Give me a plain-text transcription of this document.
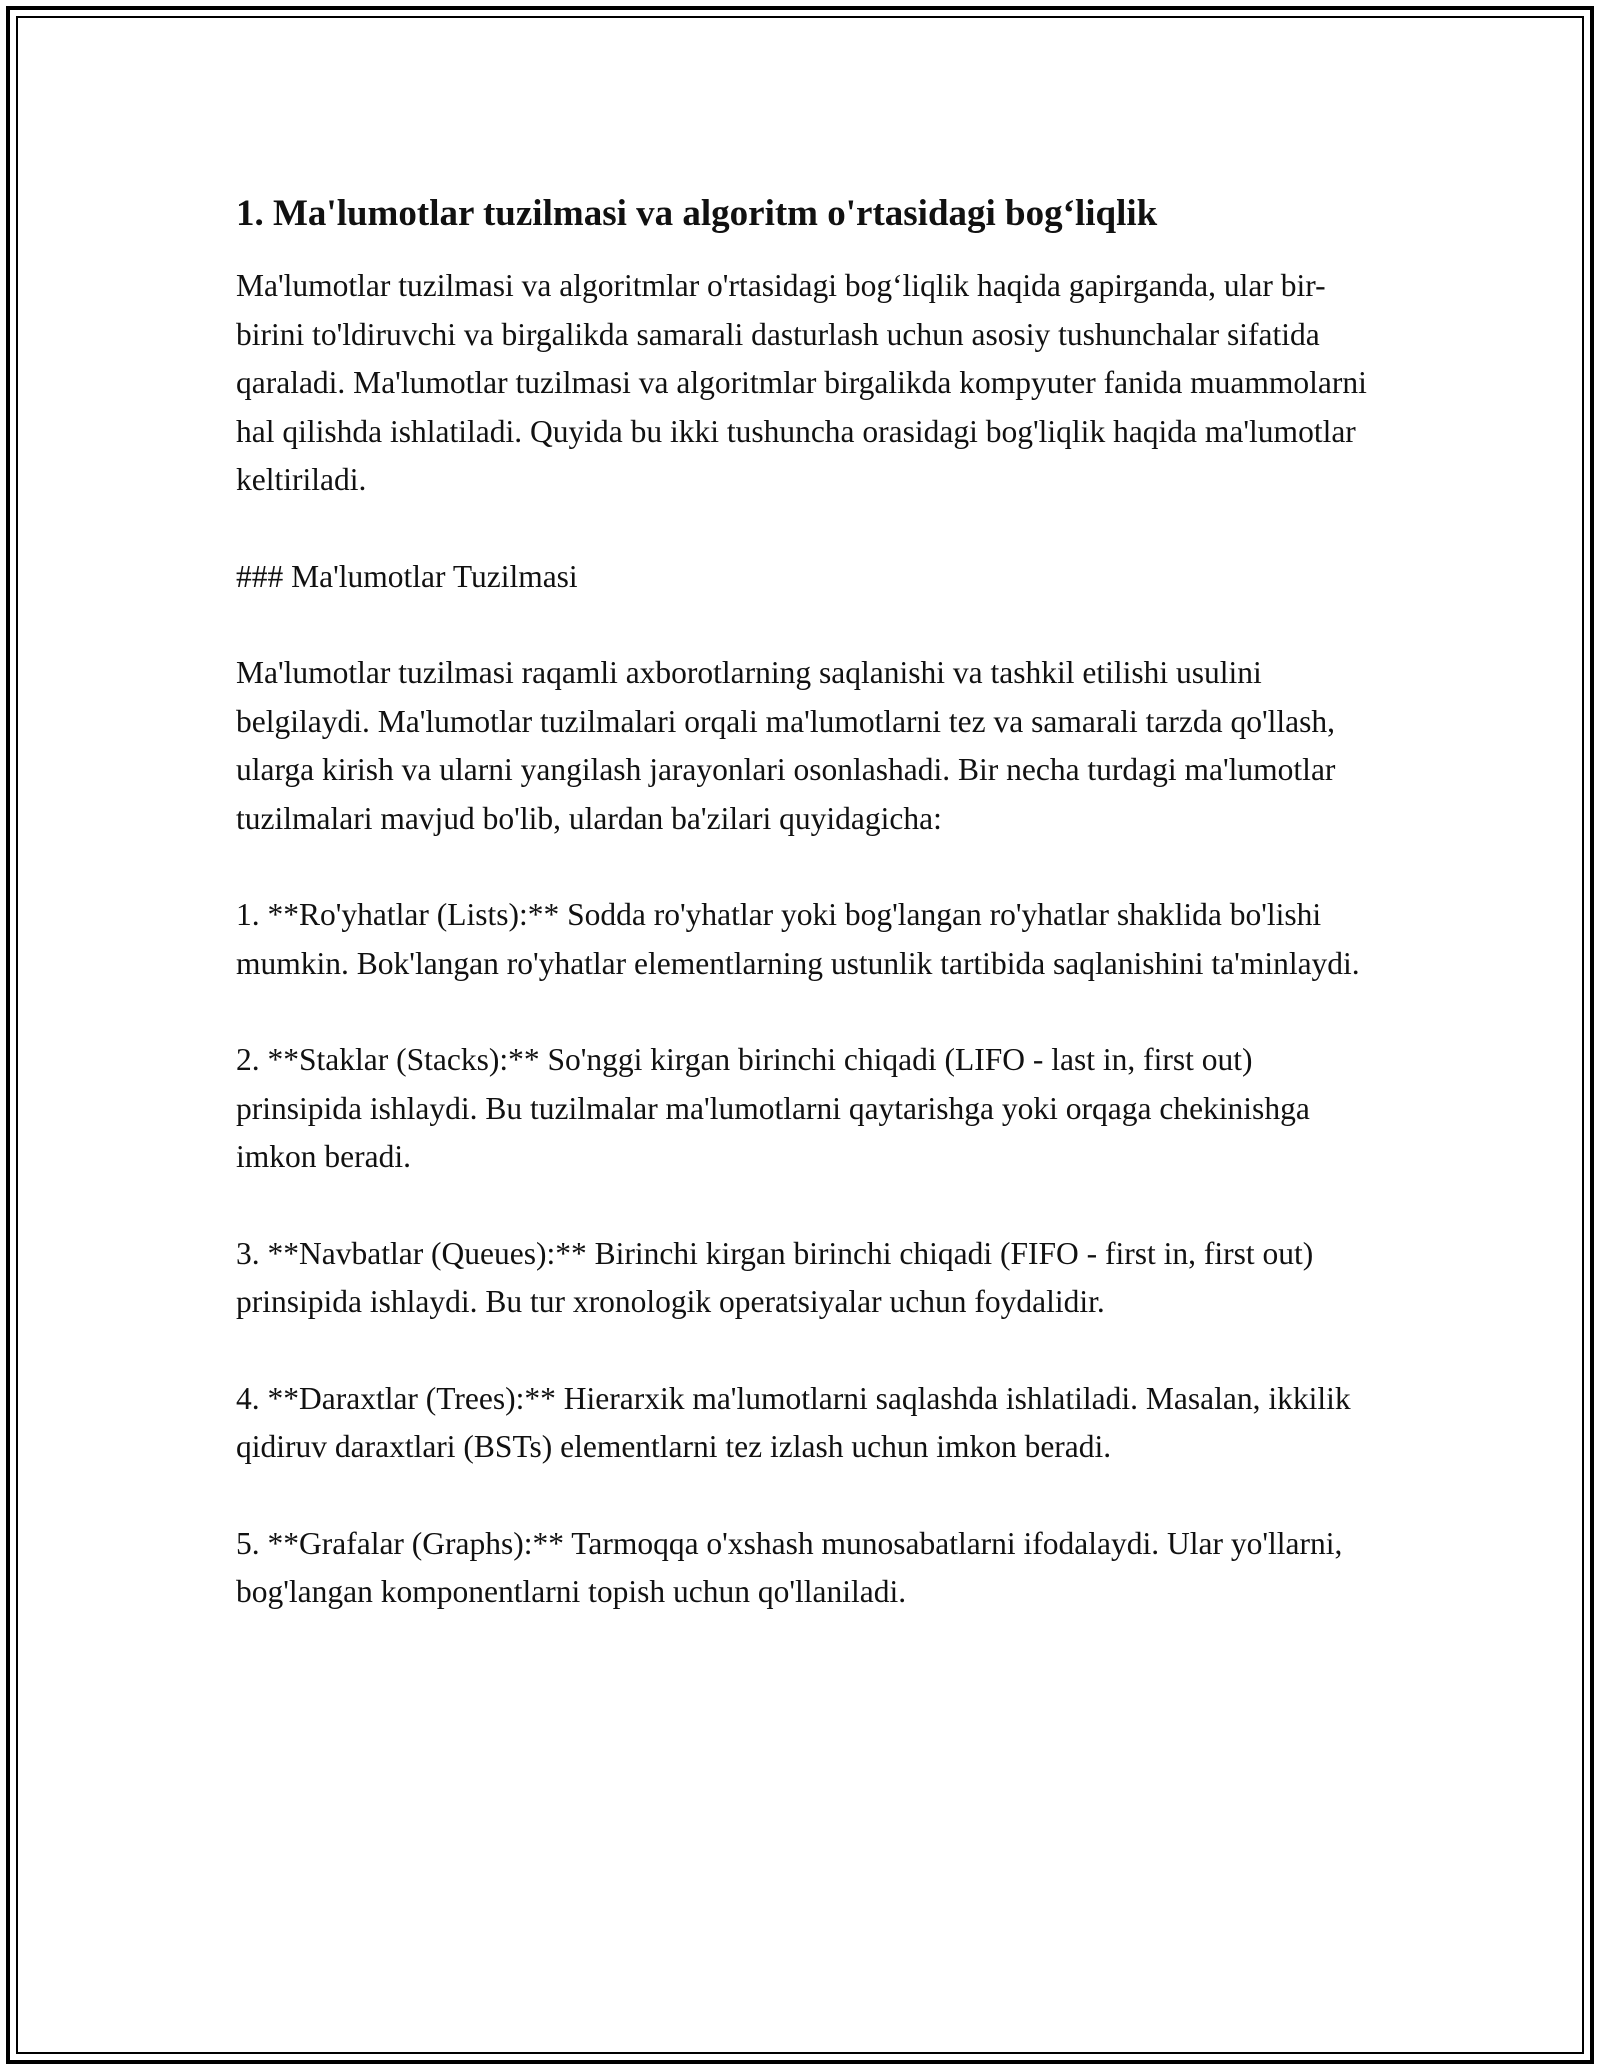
1. Ma'lumotlar tuzilmasi va algoritm o'rtasidagi bog‘liqlik

Ma'lumotlar tuzilmasi va algoritmlar o'rtasidagi bog‘liqlik haqida gapirganda, ular bir-birini to'ldiruvchi va birgalikda samarali dasturlash uchun asosiy tushunchalar sifatida qaraladi. Ma'lumotlar tuzilmasi va algoritmlar birgalikda kompyuter fanida muammolarni hal qilishda ishlatiladi. Quyida bu ikki tushuncha orasidagi bog'liqlik haqida ma'lumotlar keltiriladi.

### Ma'lumotlar Tuzilmasi

Ma'lumotlar tuzilmasi raqamli axborotlarning saqlanishi va tashkil etilishi usulini belgilaydi. Ma'lumotlar tuzilmalari orqali ma'lumotlarni tez va samarali tarzda qo'llash, ularga kirish va ularni yangilash jarayonlari osonlashadi. Bir necha turdagi ma'lumotlar tuzilmalari mavjud bo'lib, ulardan ba'zilari quyidagicha:

1. **Ro'yhatlar (Lists):** Sodda ro'yhatlar yoki bog'langan ro'yhatlar shaklida bo'lishi mumkin. Bok'langan ro'yhatlar elementlarning ustunlik tartibida saqlanishini ta'minlaydi.

2. **Staklar (Stacks):** So'nggi kirgan birinchi chiqadi (LIFO - last in, first out) prinsipida ishlaydi. Bu tuzilmalar ma'lumotlarni qaytarishga yoki orqaga chekinishga imkon beradi.

3. **Navbatlar (Queues):** Birinchi kirgan birinchi chiqadi (FIFO - first in, first out) prinsipida ishlaydi. Bu tur xronologik operatsiyalar uchun foydalidir.

4. **Daraxtlar (Trees):** Hierarxik ma'lumotlarni saqlashda ishlatiladi. Masalan, ikkilik qidiruv daraxtlari (BSTs) elementlarni tez izlash uchun imkon beradi.

5. **Grafalar (Graphs):** Tarmoqqa o'xshash munosabatlarni ifodalaydi. Ular yo'llarni, bog'langan komponentlarni topish uchun qo'llaniladi.
